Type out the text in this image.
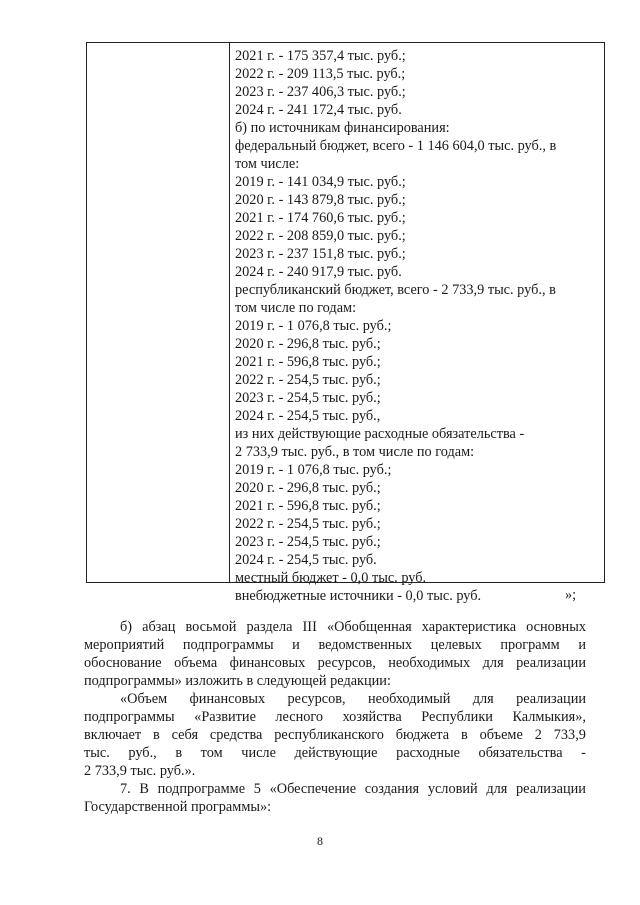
2021 г. - 175 357,4 тыс. руб.;
2022 г. - 209 113,5 тыс. руб.;
2023 г. - 237 406,3 тыс. руб.;
2024 г. - 241 172,4 тыс. руб.
б) по источникам финансирования:
федеральный бюджет, всего - 1 146 604,0 тыс. руб., в
том числе:
2019 г. - 141 034,9 тыс. руб.;
2020 г. - 143 879,8 тыс. руб.;
2021 г. - 174 760,6 тыс. руб.;
2022 г. - 208 859,0 тыс. руб.;
2023 г. - 237 151,8 тыс. руб.;
2024 г. - 240 917,9 тыс. руб.
республиканский бюджет, всего - 2 733,9 тыс. руб., в
том числе по годам:
2019 г. - 1 076,8 тыс. руб.;
2020 г. - 296,8 тыс. руб.;
2021 г. - 596,8 тыс. руб.;
2022 г. - 254,5 тыс. руб.;
2023 г. - 254,5 тыс. руб.;
2024 г. - 254,5 тыс. руб.,
из них действующие расходные обязательства -
2 733,9 тыс. руб., в том числе по годам:
2019 г. - 1 076,8 тыс. руб.;
2020 г. - 296,8 тыс. руб.;
2021 г. - 596,8 тыс. руб.;
2022 г. - 254,5 тыс. руб.;
2023 г. - 254,5 тыс. руб.;
2024 г. - 254,5 тыс. руб.
местный бюджет - 0,0 тыс. руб.
внебюджетные источники - 0,0 тыс. руб.	»;
б) абзац восьмой раздела III «Обобщенная характеристика основных
мероприятий подпрограммы и ведомственных целевых программ и
обоснование объема финансовых ресурсов, необходимых для реализации
подпрограммы» изложить в следующей редакции:
«Объем финансовых ресурсов, необходимый для реализации
подпрограммы «Развитие лесного хозяйства Республики Калмыкия»,
включает в себя средства республиканского бюджета в объеме 2 733,9
тыс. руб., в том числе действующие расходные обязательства -
2 733,9 тыс. руб.».
7. В подпрограмме 5 «Обеспечение создания условий для реализации
Государственной программы»:
8
